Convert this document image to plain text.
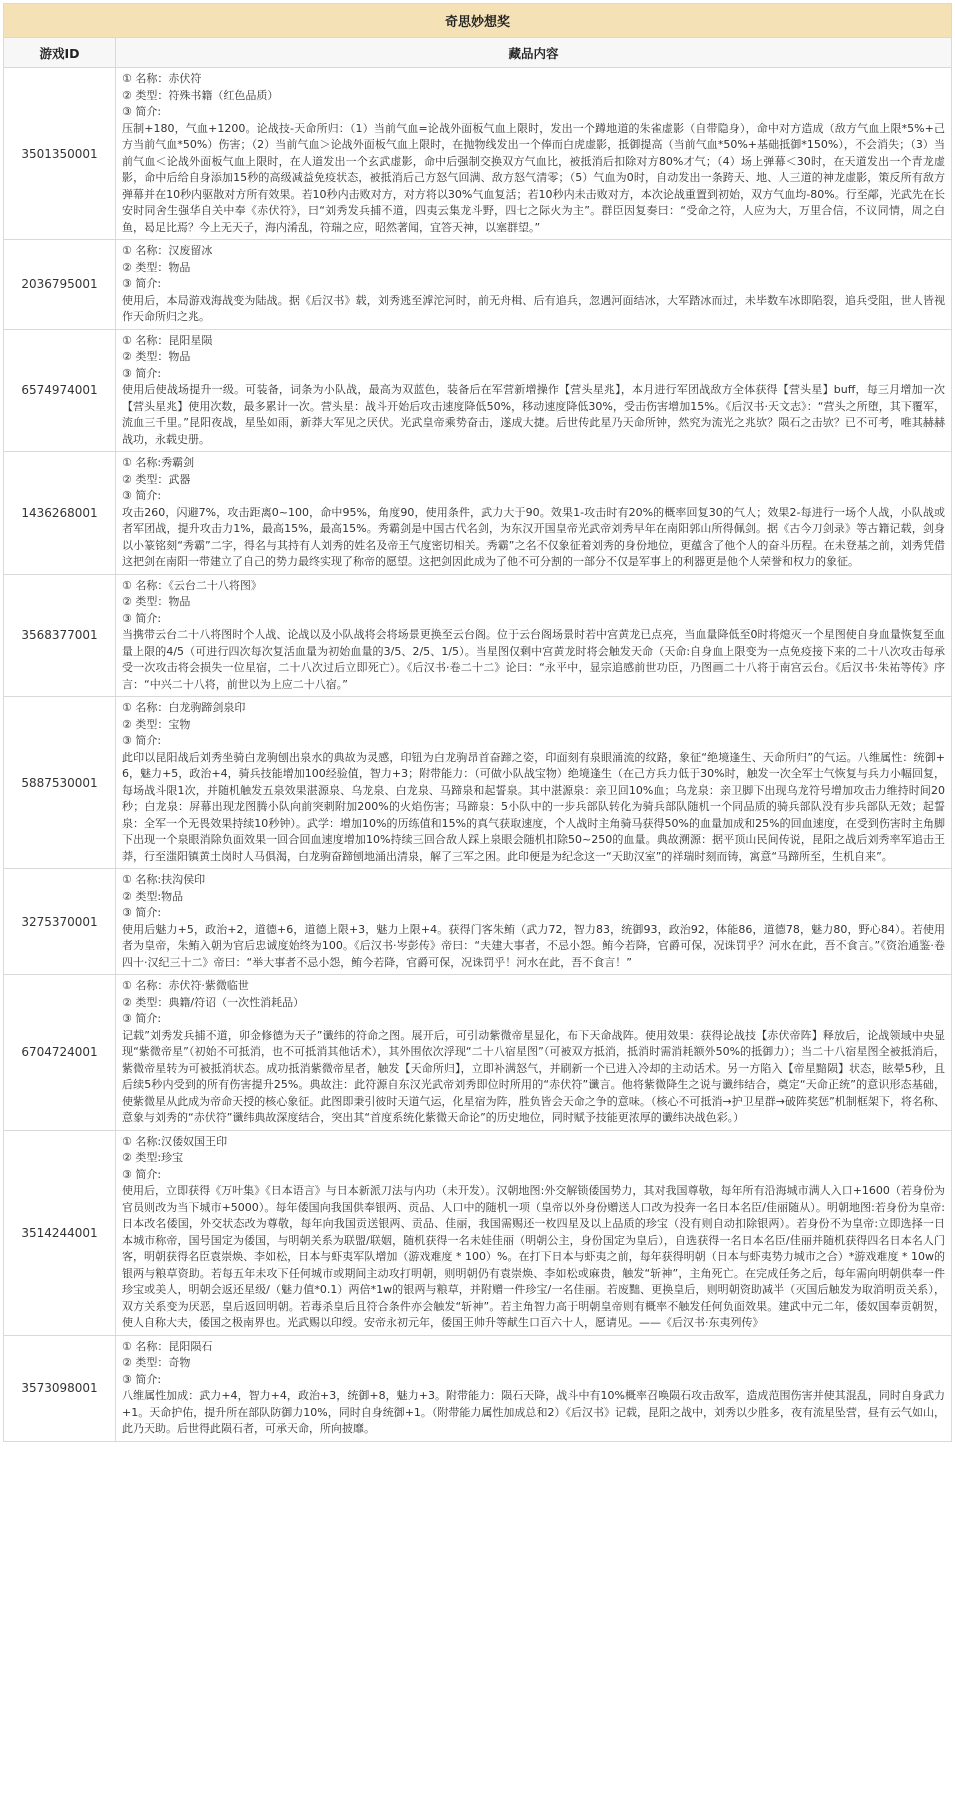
奇思妙想奖	
游戏ID	藏品内容
3501350001	① 名称：赤伏符
② 类型：符殊书籍（红色品质）
③ 简介:
压制+180，气血+1200。论战技-天命所归：（1）当前气血=论战外面板气血上限时，发出一个蹲地道的朱雀虚影（自带隐身），命中对方造成（敌方气血上限*5%+己方当前气血*50%）伤害；（2）当前气血＞论战外面板气血上限时，在抛物线发出一个俸而白虎虚影，抵御提高（当前气血*50%+基础抵御*150%），不会消失；（3）当前气血＜论战外面板气血上限时，在人道发出一个玄武虚影，命中后强制交换双方气血比，被抵消后扣除对方80%才气；（4）场上弹幕＜30时，在天道发出一个青龙虚影，命中后给自身添加15秒的高级减益免疫状态，被抵消后己方怒气回满、敌方怒气清零；（5）气血为0时，自动发出一条跨天、地、人三道的神龙虚影，策反所有敌方弹幕并在10秒内驱散对方所有效果。若10秒内击败对方，对方将以30%气血复活；若10秒内未击败对方，本次论战重置到初始，双方气血均-80%。行至鄗，光武先在长安时同舍生强华自关中奉《赤伏符》，曰“刘秀发兵捕不道，四夷云集龙斗野，四七之际火为主”。群臣因复奏曰：“受命之符，人应为大，万里合信，不议同情，周之白鱼，曷足比焉？今上无天子，海内淆乱，符瑞之应，昭然著闻，宜答天神，以塞群望。”

2036795001	① 名称：汉废留冰
② 类型：物品
③ 简介:
使用后，本局游戏海战变为陆战。据《后汉书》载，刘秀逃至滹沱河时，前无舟楫、后有追兵，忽遇河面结冰，大军踏冰而过，未毕数车冰即陷裂，追兵受阻，世人皆视作天命所归之兆。

6574974001	① 名称：昆阳星陨
② 类型：物品
③ 简介:
使用后使战场提升一级。可装备，词条为小队战，最高为双蓝色，装备后在军营新增操作【营头星兆】，本月进行军团战敌方全体获得【营头星】buff，每三月增加一次【营头星兆】使用次数，最多累计一次。营头星：战斗开始后攻击速度降低50%，移动速度降低30%，受击伤害增加15%。《后汉书·天文志》：“营头之所堕，其下覆军，流血三千里。”昆阳夜战，星坠如雨，新莽大军见之厌伏。光武皇帝乘势奋击，遂成大捷。后世传此星乃天命所钟，然究为流光之兆欤？陨石之击欤？已不可考，唯其赫赫战功，永载史册。

1436268001	① 名称:秀霸剑
② 类型：武器
③ 简介:
攻击260，闪避7%，攻击距离0~100，命中95%，角度90，使用条件，武力大于90。效果1-攻击时有20%的概率回复30的气人；效果2-每进行一场个人战，小队战或者军团战，提升攻击力1%，最高15%，最高15%。秀霸剑是中国古代名剑，为东汉开国皇帝光武帝刘秀早年在南阳郭山所得佩剑。据《古今刀剑录》等古籍记载，剑身以小篆铭刻“秀霸”二字，得名与其持有人刘秀的姓名及帝王气度密切相关。秀霸”之名不仅象征着刘秀的身份地位，更蕴含了他个人的奋斗历程。在未登基之前，刘秀凭借这把剑在南阳一带建立了自己的势力最终实现了称帝的愿望。这把剑因此成为了他不可分割的一部分不仅是军事上的利器更是他个人荣誉和权力的象征。

3568377001	① 名称：《云台二十八将图》
② 类型：物品
③ 简介:
当携带云台二十八将图时个人战、论战以及小队战将会将场景更换至云台阁。位于云台阁场景时若中宫黄龙已点亮，当血量降低至0时将熄灭一个星图使自身血量恢复至血量上限的4/5（可进行四次每次复活血量为初始血量的3/5、2/5、1/5）。当星图仅剩中宫黄龙时将会触发天命（天命:自身血上限变为一点免疫接下来的二十八次攻击每承受一次攻击将会损失一位星宿，二十八次过后立即死亡）。《后汉书·卷二十二》论曰：“永平中，显宗追感前世功臣，乃图画二十八将于南宫云台。《后汉书·朱祐等传》序言：“中兴二十八将，前世以为上应二十八宿。”

5887530001	① 名称：白龙驹蹄剑泉印
② 类型：宝物
③ 简介:
此印以昆阳战后刘秀坐骑白龙驹刨出泉水的典故为灵感，印钮为白龙驹昂首奋蹄之姿，印面刻有泉眼涌流的纹路，象征“绝境逢生、天命所归”的气运。八维属性：统御+6，魅力+5，政治+4，骑兵技能增加100经验值，智力+3；附带能力：（可做小队战宝物）绝境逢生（在己方兵力低于30%时，触发一次全军士气恢复与兵力小幅回复，每场战斗限1次，并随机触发五泉效果湛源泉、乌龙泉、白龙泉、马蹄泉和起誓泉。其中湛源泉：亲卫回10%血；乌龙泉：亲卫脚下出现乌龙符号增加攻击力维持时间20秒；白龙泉：屏幕出现龙图腾小队向前突刺附加200%的火焰伤害；马蹄泉：5小队中的一步兵部队转化为骑兵部队随机一个同品质的骑兵部队没有步兵部队无效；起誓泉：全军一个无畏效果持续10秒钟）。武学：增加10%的历练值和15%的真气获取速度，个人战时主角骑马获得50%的血量加成和25%的回血速度，在受到伤害时主角脚下出现一个泉眼消除负面效果一回合回血速度增加10%持续三回合敌人踩上泉眼会随机扣除50~250的血量。典故溯源：据平顶山民间传说，昆阳之战后刘秀率军追击王莽，行至滍阳镇黄土岗时人马俱渴，白龙驹奋蹄刨地涌出清泉，解了三军之困。此印便是为纪念这一“天助汉室”的祥瑞时刻而铸，寓意“马蹄所至，生机自来”。

3275370001	① 名称:扶沟侯印
② 类型:物品
③ 简介:
使用后魅力+5，政治+2，道德+6，道德上限+3，魅力上限+4。获得门客朱鲔（武力72，智力83，统御93，政治92，体能86，道德78，魅力80，野心84）。若使用者为皇帝，朱鲔入朝为官后忠诚度始终为100。《后汉书·岑彭传》帝曰：“夫建大事者，不忌小怨。鲔今若降，官爵可保，况诛罚乎？河水在此，吾不食言。”《资治通鉴·卷四十·汉纪三十二》帝曰：“举大事者不忌小怨，鲔今若降，官爵可保，况诛罚乎！河水在此，吾不食言！”

6704724001	① 名称：赤伏符·紫微临世
② 类型：典籍/符诏（一次性消耗品）
③ 简介:
记载”刘秀发兵捕不道，卯金修德为天子”谶纬的符命之图。展开后，可引动紫微帝星显化，布下天命战阵。使用效果：获得论战技【赤伏帝阵】释放后，论战领域中央显现“紫微帝星”（初始不可抵消，也不可抵消其他话术），其外围依次浮现“二十八宿星图”（可被双方抵消，抵消时需消耗额外50%的抵御力）；当二十八宿星图全被抵消后，紫微帝星转为可被抵消状态。成功抵消紫微帝星者，触发【天命所归】，立即补满怒气，并刷新一个已进入冷却的主动话术。另一方陷入【帝星黯陨】状态，眩晕5秒，且后续5秒内受到的所有伤害提升25%。典故注：此符源自东汉光武帝刘秀即位时所用的“赤伏符”谶言。他将紫微降生之说与谶纬结合，奠定“天命正统”的意识形态基础，使紫微星从此成为帝命天授的核心象征。此图即秉引彼时天道气运，化星宿为阵，胜负皆会天命之争的意味。（核心不可抵消→护卫星群→破阵奖惩”机制框架下，将名称、意象与刘秀的“赤伏符”谶纬典故深度结合，突出其“首度系统化紫微天命论”的历史地位，同时赋予技能更浓厚的谶纬决战色彩。）

3514244001	① 名称:汉倭奴国王印
② 类型:珍宝
③ 简介:
使用后，立即获得《万叶集》《日本语言》与日本新派刀法与内功（未开发）。汉朝地图:外交解锁倭国势力，其对我国尊敬，每年所有沿海城市满人入口+1600（若身份为官员则改为当下城市+5000）。每年倭国向我国供奉银两、贡品、人口中的随机一项（皇帝以外身份赠送人口改为投奔一名日本名臣/佳丽随从）。明朝地图:若身份为皇帝:日本改名倭国，外交状态改为尊敬，每年向我国贡送银两、贡品、佳丽，我国需赐还一枚四星及以上品质的珍宝（没有则自动扣除银两）。若身份不为皇帝:立即选择一日本城市称帝，国号国定为倭国，与明朝关系为联盟/联姻，随机获得一名未娃佳丽（明朝公主，身份国定为皇后），自选获得一名日本名臣/佳丽并随机获得四名日本名人门客，明朝获得名臣袁崇焕、李如松，日本与虾夷军队增加（游戏难度 * 100）%。在打下日本与虾夷之前，每年获得明朝（日本与虾夷势力城市之合）*游戏难度 * 10w的银两与粮草资助。若每五年未攻下任何城市或期间主动攻打明朝，则明朝仍有袁崇焕、李如松或麻贵，触发“斩神”，主角死亡。在完成任务之后，每年需向明朝供奉一件珍宝或美人，明朝会返还星级/（魅力值*0.1）两倍*1w的银两与粮草，并附赠一件珍宝/一名佳丽。若废黜、更换皇后，则明朝资助减半（灭国后触发为取消明贡关系），双方关系变为厌恶，皇后返回明朝。若毒杀皇后且符合条件亦会触发“斩神”。若主角智力高于明朝皇帝则有概率不触发任何负面效果。建武中元二年，倭奴国奉贡朝贺，使人自称大夫，倭国之极南界也。光武赐以印绶。安帝永初元年，倭国王帅升等献生口百六十人，愿请见。——《后汉书·东夷列传》

3573098001	① 名称：昆阳陨石
② 类型：奇物
③ 简介:
八维属性加成：武力+4，智力+4，政治+3，统御+8，魅力+3。附带能力：陨石天降，战斗中有10%概率召唤陨石攻击敌军，造成范围伤害并使其混乱，同时自身武力+1。天命护佑，提升所在部队防御力10%，同时自身统御+1。（附带能力属性加成总和2）《后汉书》记载，昆阳之战中，刘秀以少胜多，夜有流星坠营，昼有云气如山，此乃天助。后世得此陨石者，可承天命，所向披靡。
